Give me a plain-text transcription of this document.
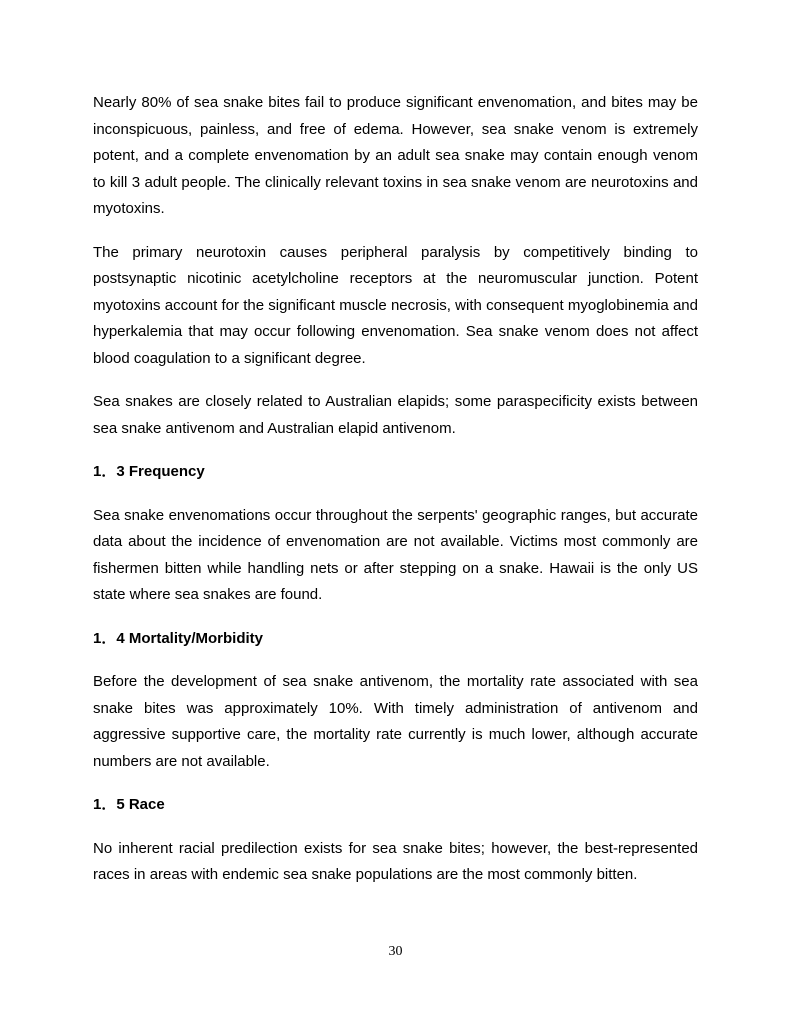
Nearly 80% of sea snake bites fail to produce significant envenomation, and bites may be inconspicuous, painless, and free of edema. However, sea snake venom is extremely potent, and a complete envenomation by an adult sea snake may contain enough venom to kill 3 adult people. The clinically relevant toxins in sea snake venom are neurotoxins and myotoxins.

The primary neurotoxin causes peripheral paralysis by competitively binding to postsynaptic nicotinic acetylcholine receptors at the neuromuscular junction. Potent myotoxins account for the significant muscle necrosis, with consequent myoglobinemia and hyperkalemia that may occur following envenomation. Sea snake venom does not affect blood coagulation to a significant degree.

Sea snakes are closely related to Australian elapids; some paraspecificity exists between sea snake antivenom and Australian elapid antivenom.

1．3 Frequency

Sea snake envenomations occur throughout the serpents' geographic ranges, but accurate data about the incidence of envenomation are not available. Victims most commonly are fishermen bitten while handling nets or after stepping on a snake. Hawaii is the only US state where sea snakes are found.

1．4 Mortality/Morbidity

Before the development of sea snake antivenom, the mortality rate associated with sea snake bites was approximately 10%. With timely administration of antivenom and aggressive supportive care, the mortality rate currently is much lower, although accurate numbers are not available.

1．5 Race

No inherent racial predilection exists for sea snake bites; however, the best-represented races in areas with endemic sea snake populations are the most commonly bitten.

30
